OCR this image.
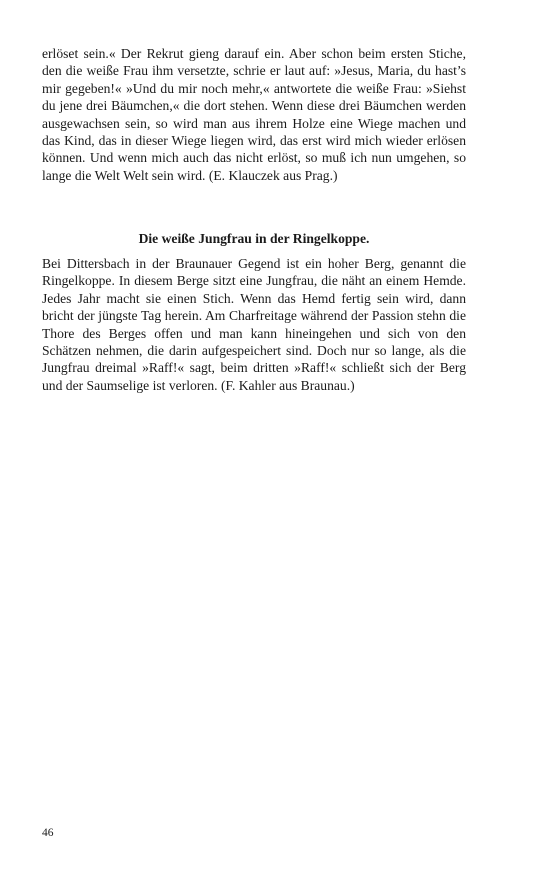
erlöset sein.« Der Rekrut gieng darauf ein. Aber schon beim ersten Stiche, den die weiße Frau ihm versetzte, schrie er laut auf: »Jesus, Maria, du hast’s mir gegeben!« »Und du mir noch mehr,« antwortete die weiße Frau: »Siehst du jene drei Bäumchen,« die dort stehen. Wenn diese drei Bäumchen werden ausgewachsen sein, so wird man aus ihrem Holze eine Wiege machen und das Kind, das in dieser Wiege liegen wird, das erst wird mich wieder erlösen können. Und wenn mich auch das nicht erlöst, so muß ich nun umgehen, so lange die Welt Welt sein wird. (E. Klauczek aus Prag.)

Die weiße Jungfrau in der Ringelkoppe.

Bei Dittersbach in der Braunauer Gegend ist ein hoher Berg, genannt die Ringelkoppe. In diesem Berge sitzt eine Jungfrau, die näht an einem Hemde. Jedes Jahr macht sie einen Stich. Wenn das Hemd fertig sein wird, dann bricht der jüngste Tag herein. Am Charfreitage während der Passion stehn die Thore des Berges offen und man kann hineingehen und sich von den Schätzen nehmen, die darin aufgespeichert sind. Doch nur so lange, als die Jungfrau dreimal »Raff!« sagt, beim dritten »Raff!« schließt sich der Berg und der Saumselige ist verloren. (F. Kahler aus Braunau.)

46
